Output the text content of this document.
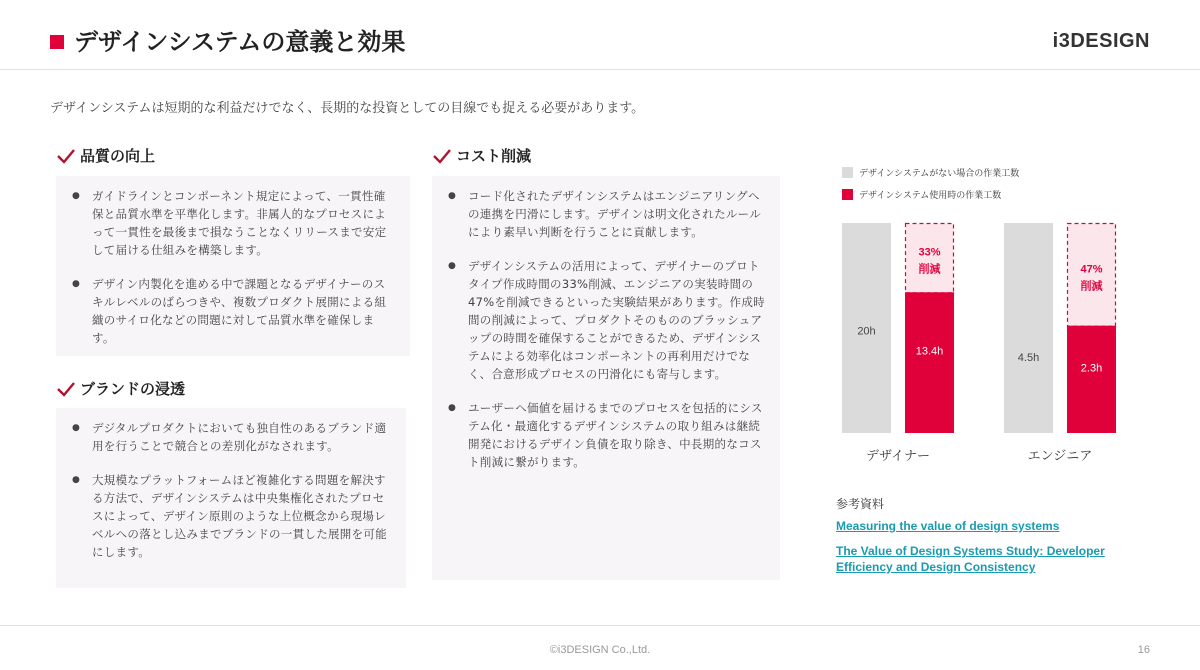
デザインシステムの意義と効果	i3DESIGN

デザインシステムは短期的な利益だけでなく、長期的な投資としての目線でも捉える必要があります。

品質の向上
● ガイドラインとコンポーネント規定によって、一貫性確保と品質水準を平準化します。非属人的なプロセスによって一貫性を最後まで損なうことなくリリースまで安定して届ける仕組みを構築します。
● デザイン内製化を進める中で課題となるデザイナーのスキルレベルのばらつきや、複数プロダクト展開による組織のサイロ化などの問題に対して品質水準を確保します。
ブランドの浸透
● デジタルプロダクトにおいても独自性のあるブランド適用を行うことで競合との差別化がなされます。
● 大規模なプラットフォームほど複雑化する問題を解決する方法で、デザインシステムは中央集権化されたプロセスによって、デザイン原則のような上位概念から現場レベルへの落とし込みまでブランドの一貫した展開を可能にします。
コスト削減
● コード化されたデザインシステムはエンジニアリングへの連携を円滑にします。デザインは明文化されたルールにより素早い判断を行うことに貢献します。
● デザインシステムの活用によって、デザイナーのプロトタイプ作成時間の33%削減、エンジニアの実装時間の47%を削減できるといった実験結果があります。作成時間の削減によって、プロダクトそのもののブラッシュアップの時間を確保することができるため、デザインシステムによる効率化はコンポーネントの再利用だけでなく、合意形成プロセスの円滑化にも寄与します。
● ユーザーへ価値を届けるまでのプロセスを包括的にシステム化・最適化するデザインシステムの取り組みは継続開発におけるデザイン負債を取り除き、中長期的なコスト削減に繋がります。
デザインシステムがない場合の作業工数
デザインシステム使用時の作業工数
20h
33%
削減
13.4h
デザイナー
4.5h
47%
削減
2.3h
エンジニア
参考資料
Measuring the value of design systems
The Value of Design Systems Study: Developer Efficiency and Design Consistency
©i3DESIGN Co.,Ltd.	16
